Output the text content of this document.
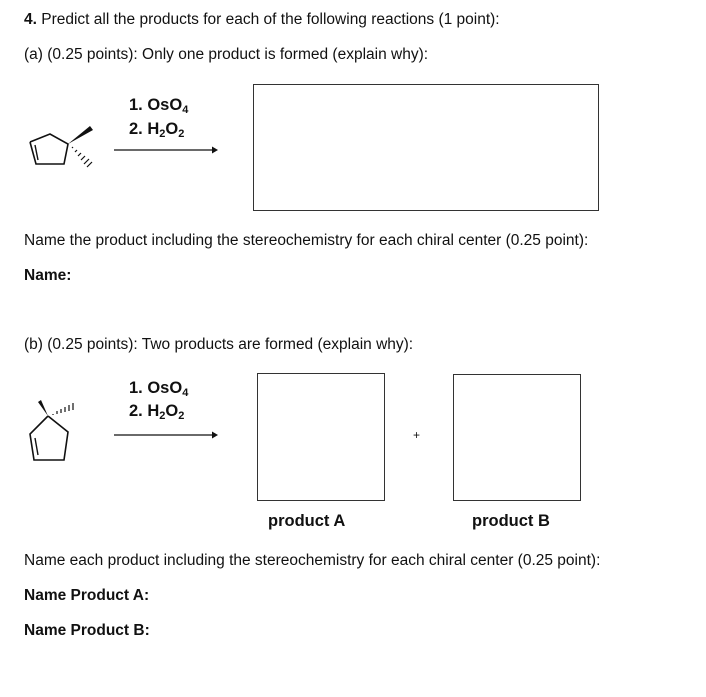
4. Predict all the products for each of the following reactions (1 point):
(a) (0.25 points): Only one product is formed (explain why):
1. OsO$_4$
2. $H_2O_2$
Name the product including the stereochemistry for each chiral center (0.25 point):
Name:
(b) (0.25 points): Two products are formed (explain why):
1. OsO$_4$
2. $H_2O_2$
+
product A	product B
Name each product including the stereochemistry for each chiral center (0.25 point):
Name Product A:
Name Product B:
